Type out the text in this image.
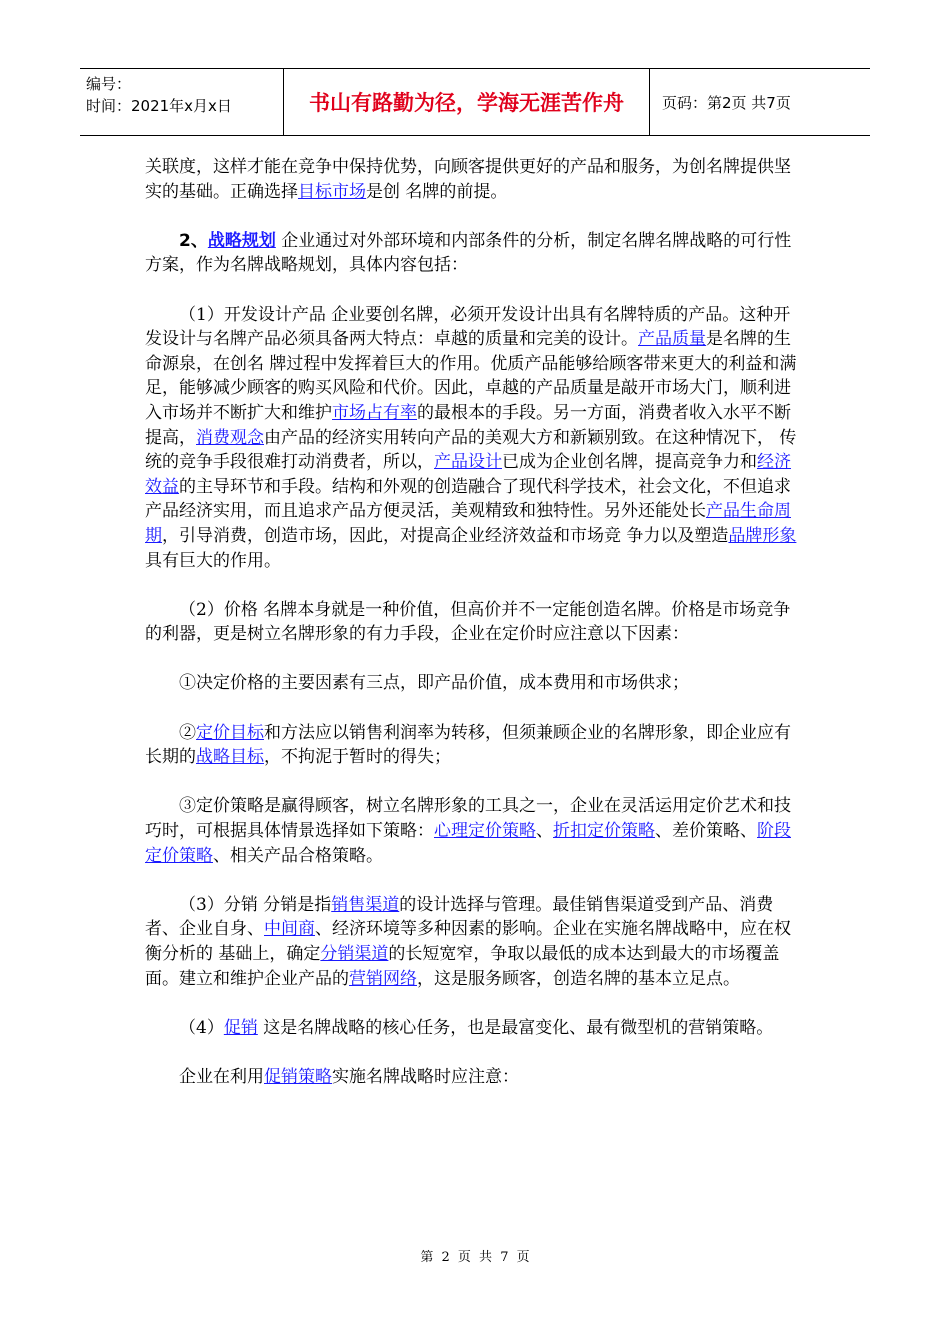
编号：
时间：2021年x月x日	书山有路勤为径，学海无涯苦作舟	页码：第2页 共7页

关联度，这样才能在竞争中保持优势，向顾客提供更好的产品和服务，为创名牌提供坚实的基础。正确选择目标市场是创 名牌的前提。

2、战略规划 企业通过对外部环境和内部条件的分析，制定名牌名牌战略的可行性方案，作为名牌战略规划，具体内容包括：

（1）开发设计产品 企业要创名牌，必须开发设计出具有名牌特质的产品。这种开发设计与名牌产品必须具备两大特点：卓越的质量和完美的设计。产品质量是名牌的生命源泉，在创名 牌过程中发挥着巨大的作用。优质产品能够给顾客带来更大的利益和满足，能够减少顾客的购买风险和代价。因此，卓越的产品质量是敲开市场大门，顺利进入市场并不断扩大和维护市场占有率的最根本的手段。另一方面，消费者收入水平不断提高，消费观念由产品的经济实用转向产品的美观大方和新颖别致。在这种情况下， 传统的竞争手段很难打动消费者，所以，产品设计已成为企业创名牌，提高竞争力和经济效益的主导环节和手段。结构和外观的创造融合了现代科学技术，社会文化，不但追求产品经济实用，而且追求产品方便灵活，美观精致和独特性。另外还能处长产品生命周期，引导消费，创造市场，因此，对提高企业经济效益和市场竞 争力以及塑造品牌形象具有巨大的作用。

（2）价格 名牌本身就是一种价值，但高价并不一定能创造名牌。价格是市场竞争的利器，更是树立名牌形象的有力手段，企业在定价时应注意以下因素：

①决定价格的主要因素有三点，即产品价值，成本费用和市场供求；

②定价目标和方法应以销售利润率为转移，但须兼顾企业的名牌形象，即企业应有长期的战略目标，不拘泥于暂时的得失；

③定价策略是赢得顾客，树立名牌形象的工具之一，企业在灵活运用定价艺术和技巧时，可根据具体情景选择如下策略：心理定价策略、折扣定价策略、差价策略、阶段定价策略、相关产品合格策略。

（3）分销 分销是指销售渠道的设计选择与管理。最佳销售渠道受到产品、消费者、企业自身、中间商、经济环境等多种因素的影响。企业在实施名牌战略中，应在权衡分析的 基础上，确定分销渠道的长短宽窄，争取以最低的成本达到最大的市场覆盖面。建立和维护企业产品的营销网络，这是服务顾客，创造名牌的基本立足点。

（4）促销 这是名牌战略的核心任务，也是最富变化、最有微型机的营销策略。

企业在利用促销策略实施名牌战略时应注意：

第 2 页 共 7 页
